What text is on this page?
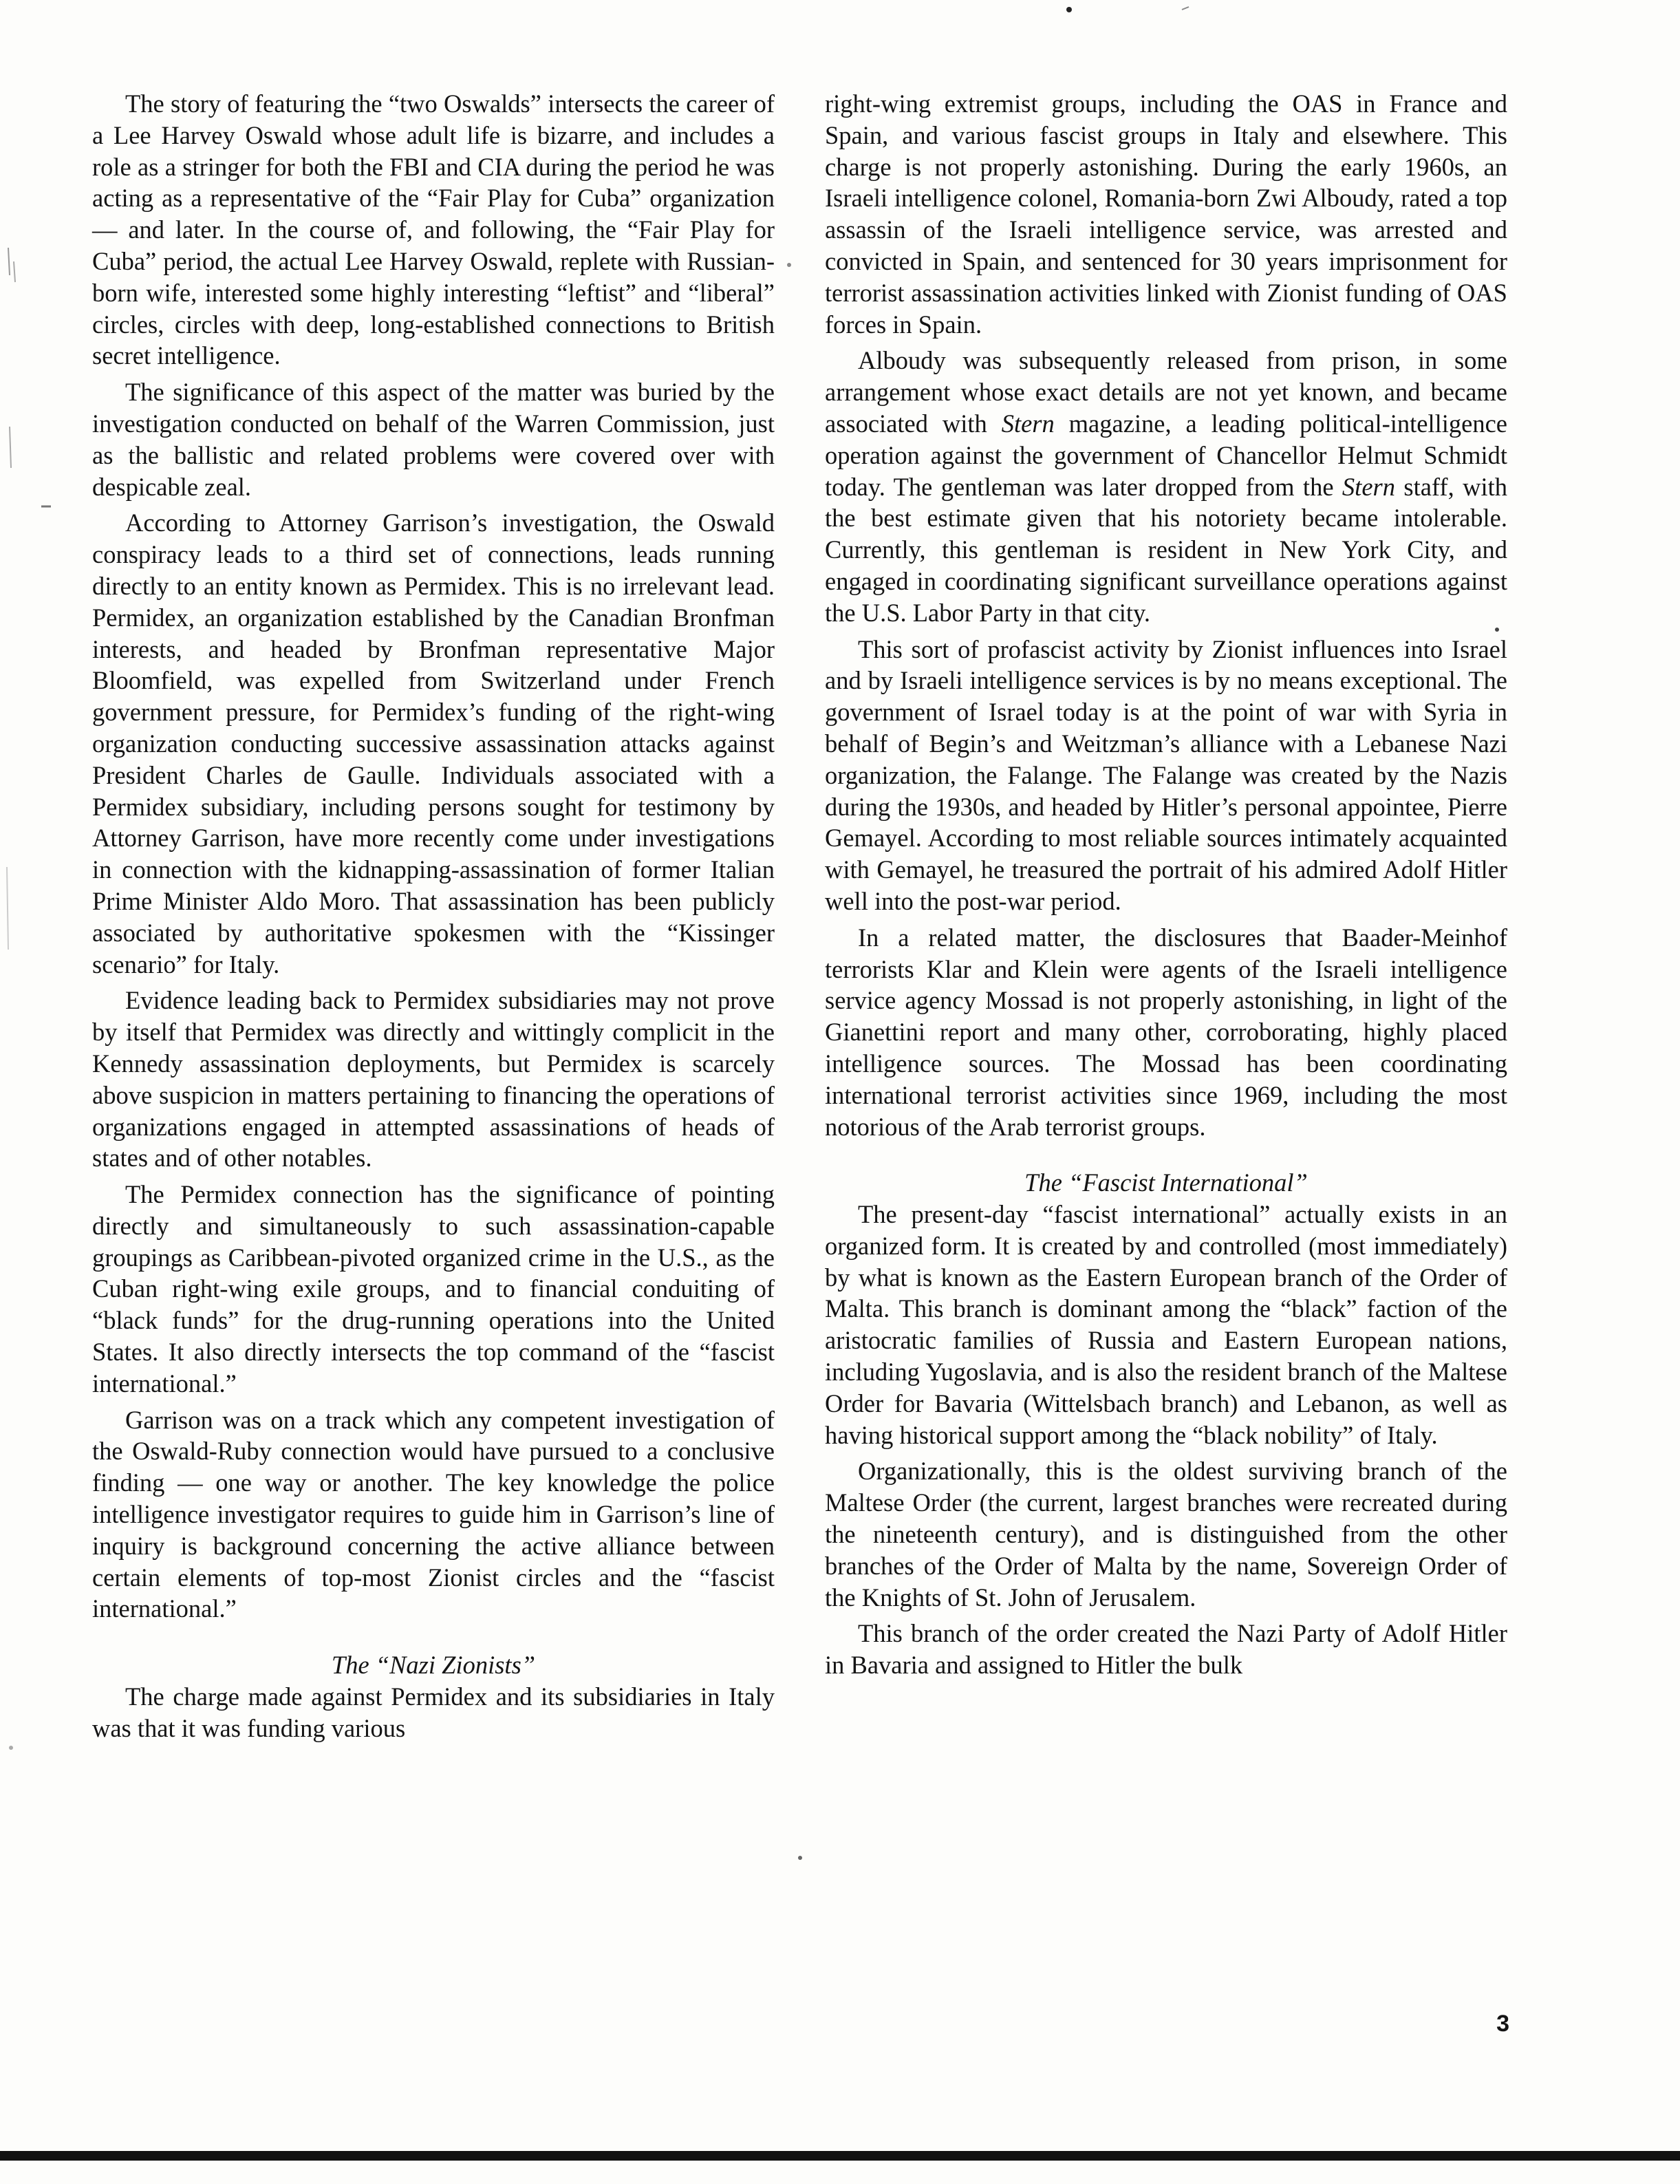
The story of featuring the “two Oswalds” intersects the career of a Lee Harvey Oswald whose adult life is bizarre, and includes a role as a stringer for both the FBI and CIA during the period he was acting as a representative of the “Fair Play for Cuba” organization — and later. In the course of, and following, the “Fair Play for Cuba” period, the actual Lee Harvey Oswald, replete with Russian-born wife, interested some highly interesting “leftist” and “liberal” circles, circles with deep, long-established connections to British secret intelligence.

The significance of this aspect of the matter was buried by the investigation conducted on behalf of the Warren Commission, just as the ballistic and related problems were covered over with despicable zeal.

According to Attorney Garrison’s investigation, the Oswald conspiracy leads to a third set of connections, leads running directly to an entity known as Permidex. This is no irrelevant lead. Permidex, an organization established by the Canadian Bronfman interests, and headed by Bronfman representative Major Bloomfield, was expelled from Switzerland under French government pressure, for Permidex’s funding of the right-wing organization conducting successive assassination attacks against President Charles de Gaulle. Individuals associated with a Permidex subsidiary, including persons sought for testimony by Attorney Garrison, have more recently come under investigations in connection with the kidnapping-assassination of former Italian Prime Minister Aldo Moro. That assassination has been publicly associated by authoritative spokesmen with the “Kissinger scenario” for Italy.

Evidence leading back to Permidex subsidiaries may not prove by itself that Permidex was directly and wittingly complicit in the Kennedy assassination deployments, but Permidex is scarcely above suspicion in matters pertaining to financing the operations of organizations engaged in attempted assassinations of heads of states and of other notables.

The Permidex connection has the significance of pointing directly and simultaneously to such assassination-capable groupings as Caribbean-pivoted organized crime in the U.S., as the Cuban right-wing exile groups, and to financial conduiting of “black funds” for the drug-running operations into the United States. It also directly intersects the top command of the “fascist international.”

Garrison was on a track which any competent investigation of the Oswald-Ruby connection would have pursued to a conclusive finding — one way or another. The key knowledge the police intelligence investigator requires to guide him in Garrison’s line of inquiry is background concerning the active alliance between certain elements of top-most Zionist circles and the “fascist international.”

The “Nazi Zionists”

The charge made against Permidex and its subsidiaries in Italy was that it was funding various

right-wing extremist groups, including the OAS in France and Spain, and various fascist groups in Italy and elsewhere. This charge is not properly astonishing. During the early 1960s, an Israeli intelligence colonel, Romania-born Zwi Alboudy, rated a top assassin of the Israeli intelligence service, was arrested and convicted in Spain, and sentenced for 30 years imprisonment for terrorist assassination activities linked with Zionist funding of OAS forces in Spain.

Alboudy was subsequently released from prison, in some arrangement whose exact details are not yet known, and became associated with Stern magazine, a leading political-intelligence operation against the government of Chancellor Helmut Schmidt today. The gentleman was later dropped from the Stern staff, with the best estimate given that his notoriety became intolerable. Currently, this gentleman is resident in New York City, and engaged in coordinating significant surveillance operations against the U.S. Labor Party in that city.

This sort of profascist activity by Zionist influences into Israel and by Israeli intelligence services is by no means exceptional. The government of Israel today is at the point of war with Syria in behalf of Begin’s and Weitzman’s alliance with a Lebanese Nazi organization, the Falange. The Falange was created by the Nazis during the 1930s, and headed by Hitler’s personal appointee, Pierre Gemayel. According to most reliable sources intimately acquainted with Gemayel, he treasured the portrait of his admired Adolf Hitler well into the post-war period.

In a related matter, the disclosures that Baader-Meinhof terrorists Klar and Klein were agents of the Israeli intelligence service agency Mossad is not properly astonishing, in light of the Gianettini report and many other, corroborating, highly placed intelligence sources. The Mossad has been coordinating international terrorist activities since 1969, including the most notorious of the Arab terrorist groups.

The “Fascist International”

The present-day “fascist international” actually exists in an organized form. It is created by and controlled (most immediately) by what is known as the Eastern European branch of the Order of Malta. This branch is dominant among the “black” faction of the aristocratic families of Russia and Eastern European nations, including Yugoslavia, and is also the resident branch of the Maltese Order for Bavaria (Wittelsbach branch) and Lebanon, as well as having historical support among the “black nobility” of Italy.

Organizationally, this is the oldest surviving branch of the Maltese Order (the current, largest branches were recreated during the nineteenth century), and is distinguished from the other branches of the Order of Malta by the name, Sovereign Order of the Knights of St. John of Jerusalem.

This branch of the order created the Nazi Party of Adolf Hitler in Bavaria and assigned to Hitler the bulk

3
